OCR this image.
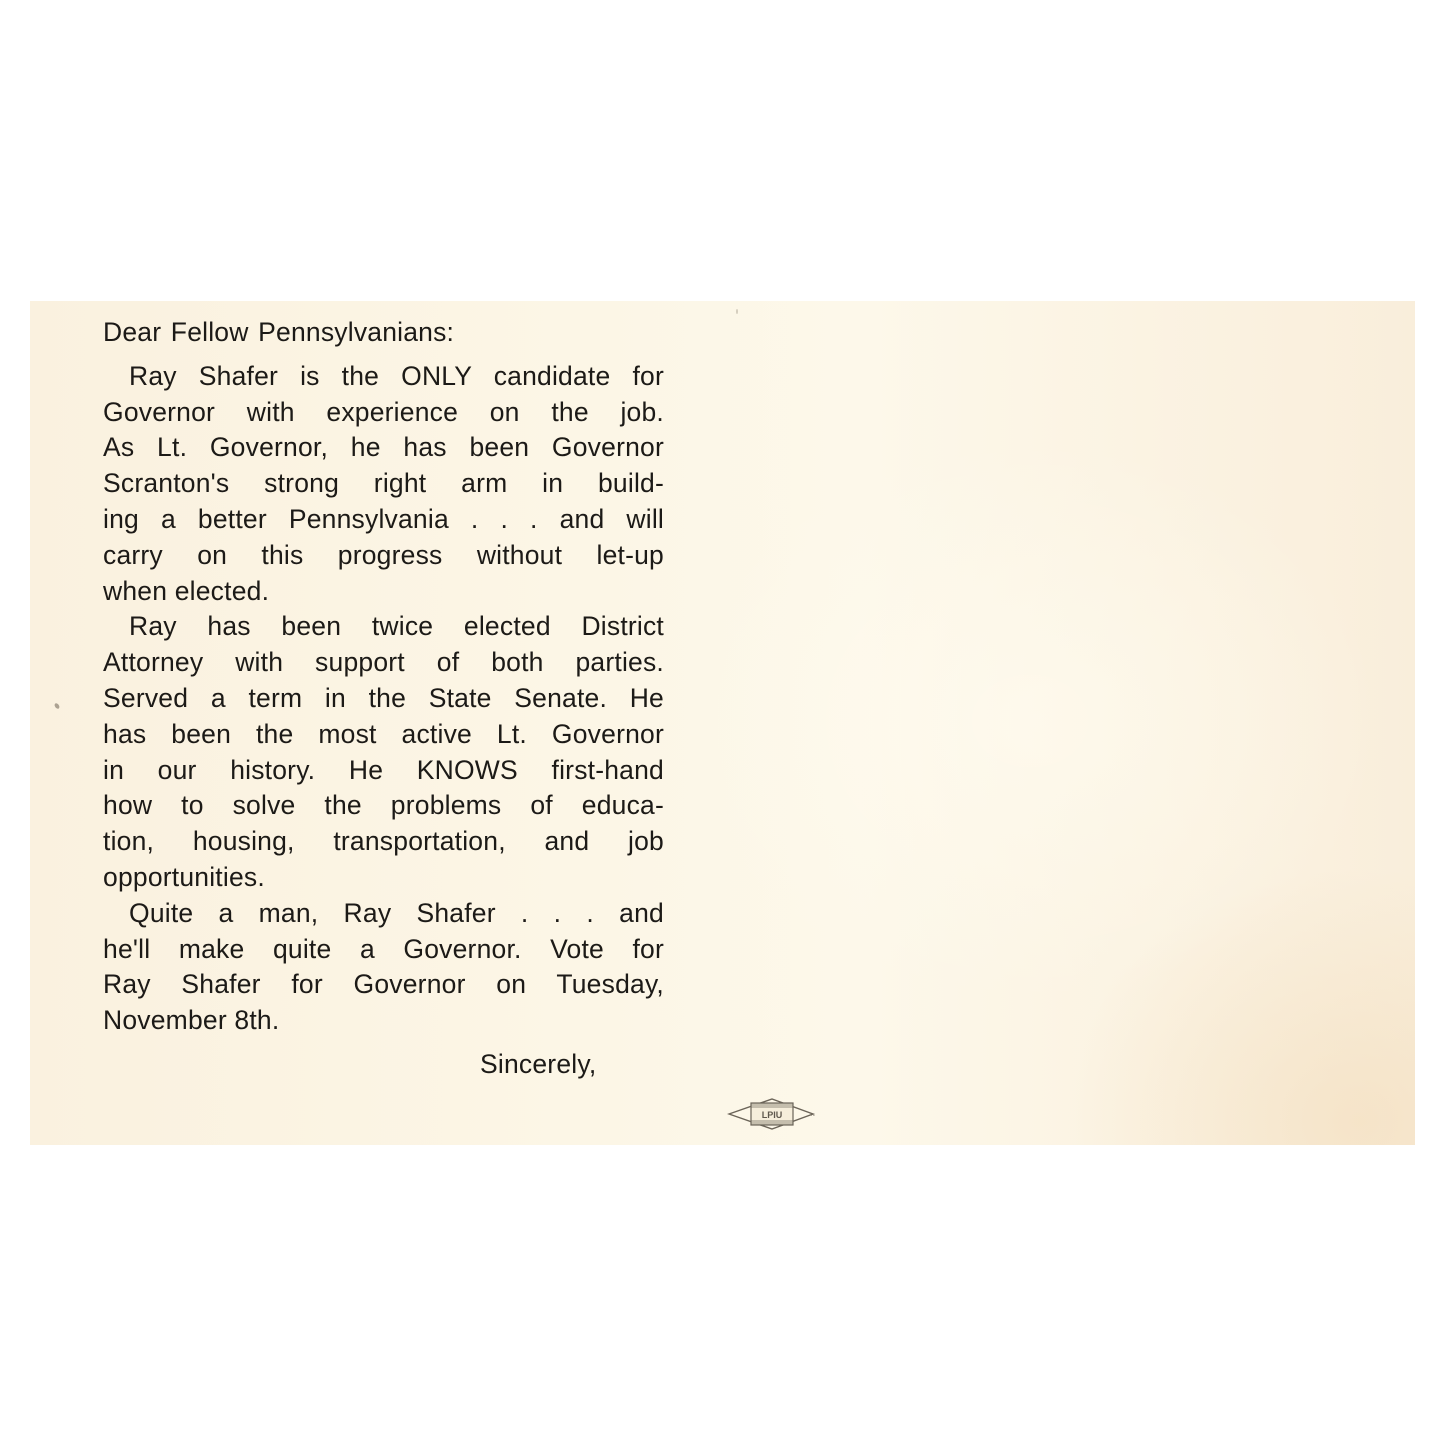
Dear Fellow Pennsylvanians:

Ray Shafer is the ONLY candidate for
Governor with experience on the job.
As Lt. Governor, he has been Governor
Scranton's strong right arm in build-
ing a better Pennsylvania . . . and will
carry on this progress without let-up
when elected.
Ray has been twice elected District
Attorney with support of both parties.
Served a term in the State Senate. He
has been the most active Lt. Governor
in our history. He KNOWS first-hand
how to solve the problems of educa-
tion, housing, transportation, and job
opportunities.
Quite a man, Ray Shafer . . . and
he'll make quite a Governor. Vote for
Ray Shafer for Governor on Tuesday,
November 8th.

Sincerely,

LPIU	71
